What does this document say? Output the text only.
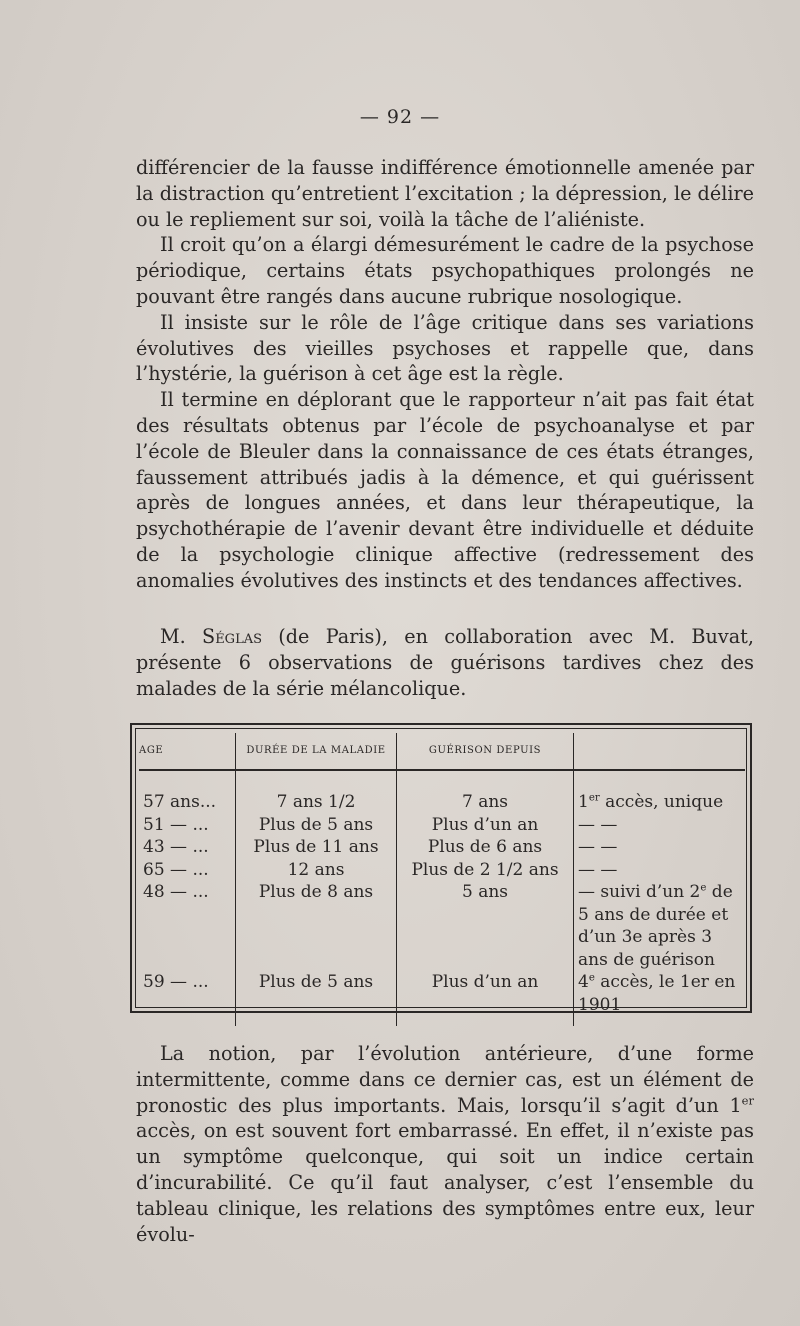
— 92 —

différencier de la fausse indifférence émotionnelle amenée par la distraction qu’entretient l’excitation ; la dépression, le délire ou le repliement sur soi, voilà la tâche de l’aliéniste.

Il croit qu’on a élargi démesurément le cadre de la psychose périodique, certains états psychopathiques prolongés ne pouvant être rangés dans aucune rubrique nosologique.

Il insiste sur le rôle de l’âge critique dans ses variations évolutives des vieilles psychoses et rappelle que, dans l’hystérie, la guérison à cet âge est la règle.

Il termine en déplorant que le rapporteur n’ait pas fait état des résultats obtenus par l’école de psychoanalyse et par l’école de Bleuler dans la connaissance de ces états étranges, faussement attribués jadis à la démence, et qui guérissent après de longues années, et dans leur thérapeutique, la psychothérapie de l’avenir devant être individuelle et déduite de la psychologie clinique affective (redressement des anomalies évolutives des instincts et des tendances affectives.

M. Séglas (de Paris), en collaboration avec M. Buvat, présente 6 observations de guérisons tardives chez des malades de la série mélancolique.

AGE	DURÉE DE LA MALADIE	GUÉRISON DEPUIS	
57 ans...	7 ans 1/2	7 ans	1er accès, unique
51 — ...	Plus de 5 ans	Plus d’un an	— —
43 — ...	Plus de 11 ans	Plus de 6 ans	— —
65 — ...	12 ans	Plus de 2 1/2 ans	— —
48 — ...	Plus de 8 ans	5 ans	— suivi d’un 2e de 5 ans de durée et d’un 3e après 3 ans de guérison
59 — ...	Plus de 5 ans	Plus d’un an	4e accès, le 1er en 1901

La notion, par l’évolution antérieure, d’une forme intermittente, comme dans ce dernier cas, est un élément de pronostic des plus importants. Mais, lorsqu’il s’agit d’un 1er accès, on est souvent fort embarrassé. En effet, il n’existe pas un symptôme quelconque, qui soit un indice certain d’incurabilité. Ce qu’il faut analyser, c’est l’ensemble du tableau clinique, les relations des symptômes entre eux, leur évolu-
